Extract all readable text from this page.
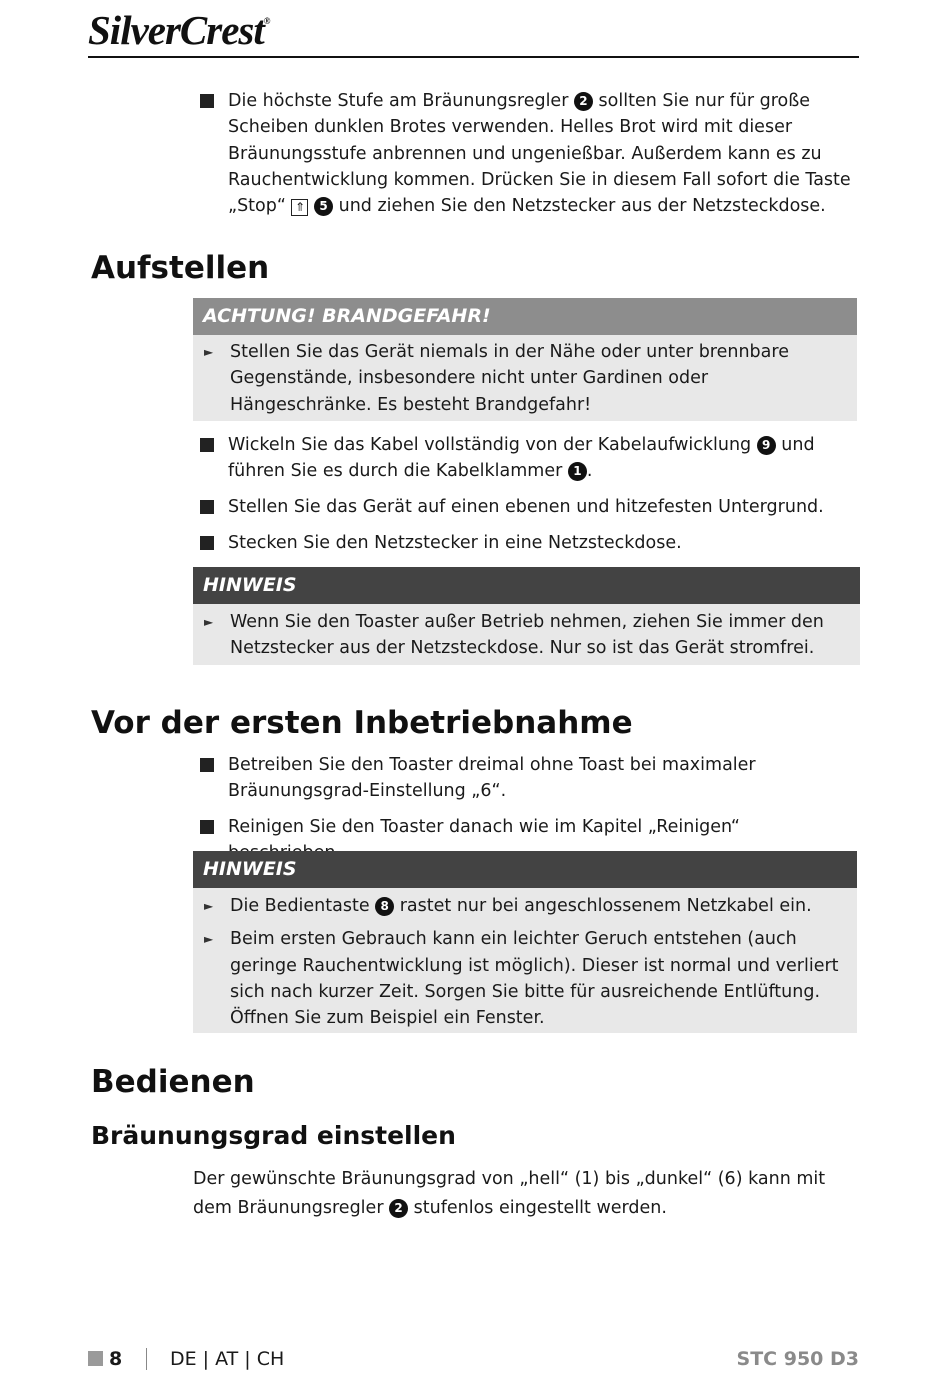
SilverCrest®
Die höchste Stufe am Bräunungsregler 2 sollten Sie nur für große Scheiben dunklen Brotes verwenden. Helles Brot wird mit dieser Bräunungsstufe anbrennen und ungenießbar. Außerdem kann es zu Rauchentwicklung kommen. Drücken Sie in diesem Fall sofort die Taste „Stop“ ⇑ 5 und ziehen Sie den Netzstecker aus der Netzsteckdose.
Aufstellen
ACHTUNG! BRANDGEFAHR!
► Stellen Sie das Gerät niemals in der Nähe oder unter brennbare Gegenstände, insbesondere nicht unter Gardinen oder Hängeschränke. Es besteht Brandgefahr!
Wickeln Sie das Kabel vollständig von der Kabelaufwicklung 9 und führen Sie es durch die Kabelklammer 1 .
Stellen Sie das Gerät auf einen ebenen und hitzefesten Untergrund.
Stecken Sie den Netzstecker in eine Netzsteckdose.
HINWEIS
► Wenn Sie den Toaster außer Betrieb nehmen, ziehen Sie immer den Netzstecker aus der Netzsteckdose. Nur so ist das Gerät stromfrei.
Vor der ersten Inbetriebnahme
Betreiben Sie den Toaster dreimal ohne Toast bei maximaler Bräunungsgrad-Einstellung „6“.
Reinigen Sie den Toaster danach wie im Kapitel „Reinigen“
HINWEIS
► Die Bedientaste 8 rastet nur bei angeschlossenem Netzkabel ein.
► Beim ersten Gebrauch kann ein leichter Geruch entstehen (auch geringe Rauchentwicklung ist möglich). Dieser ist normal und verliert sich nach kurzer Zeit. Sorgen Sie bitte für ausreichende Entlüftung. Öffnen Sie zum Beispiel ein Fenster.
Bedienen
Bräunungsgrad einstellen
Der gewünschte Bräunungsgrad von „hell“ (1) bis „dunkel“ (6) kann mit dem Bräunungsregler 2 stufenlos eingestellt werden.
8	DE | AT | CH	STC 950 D3
